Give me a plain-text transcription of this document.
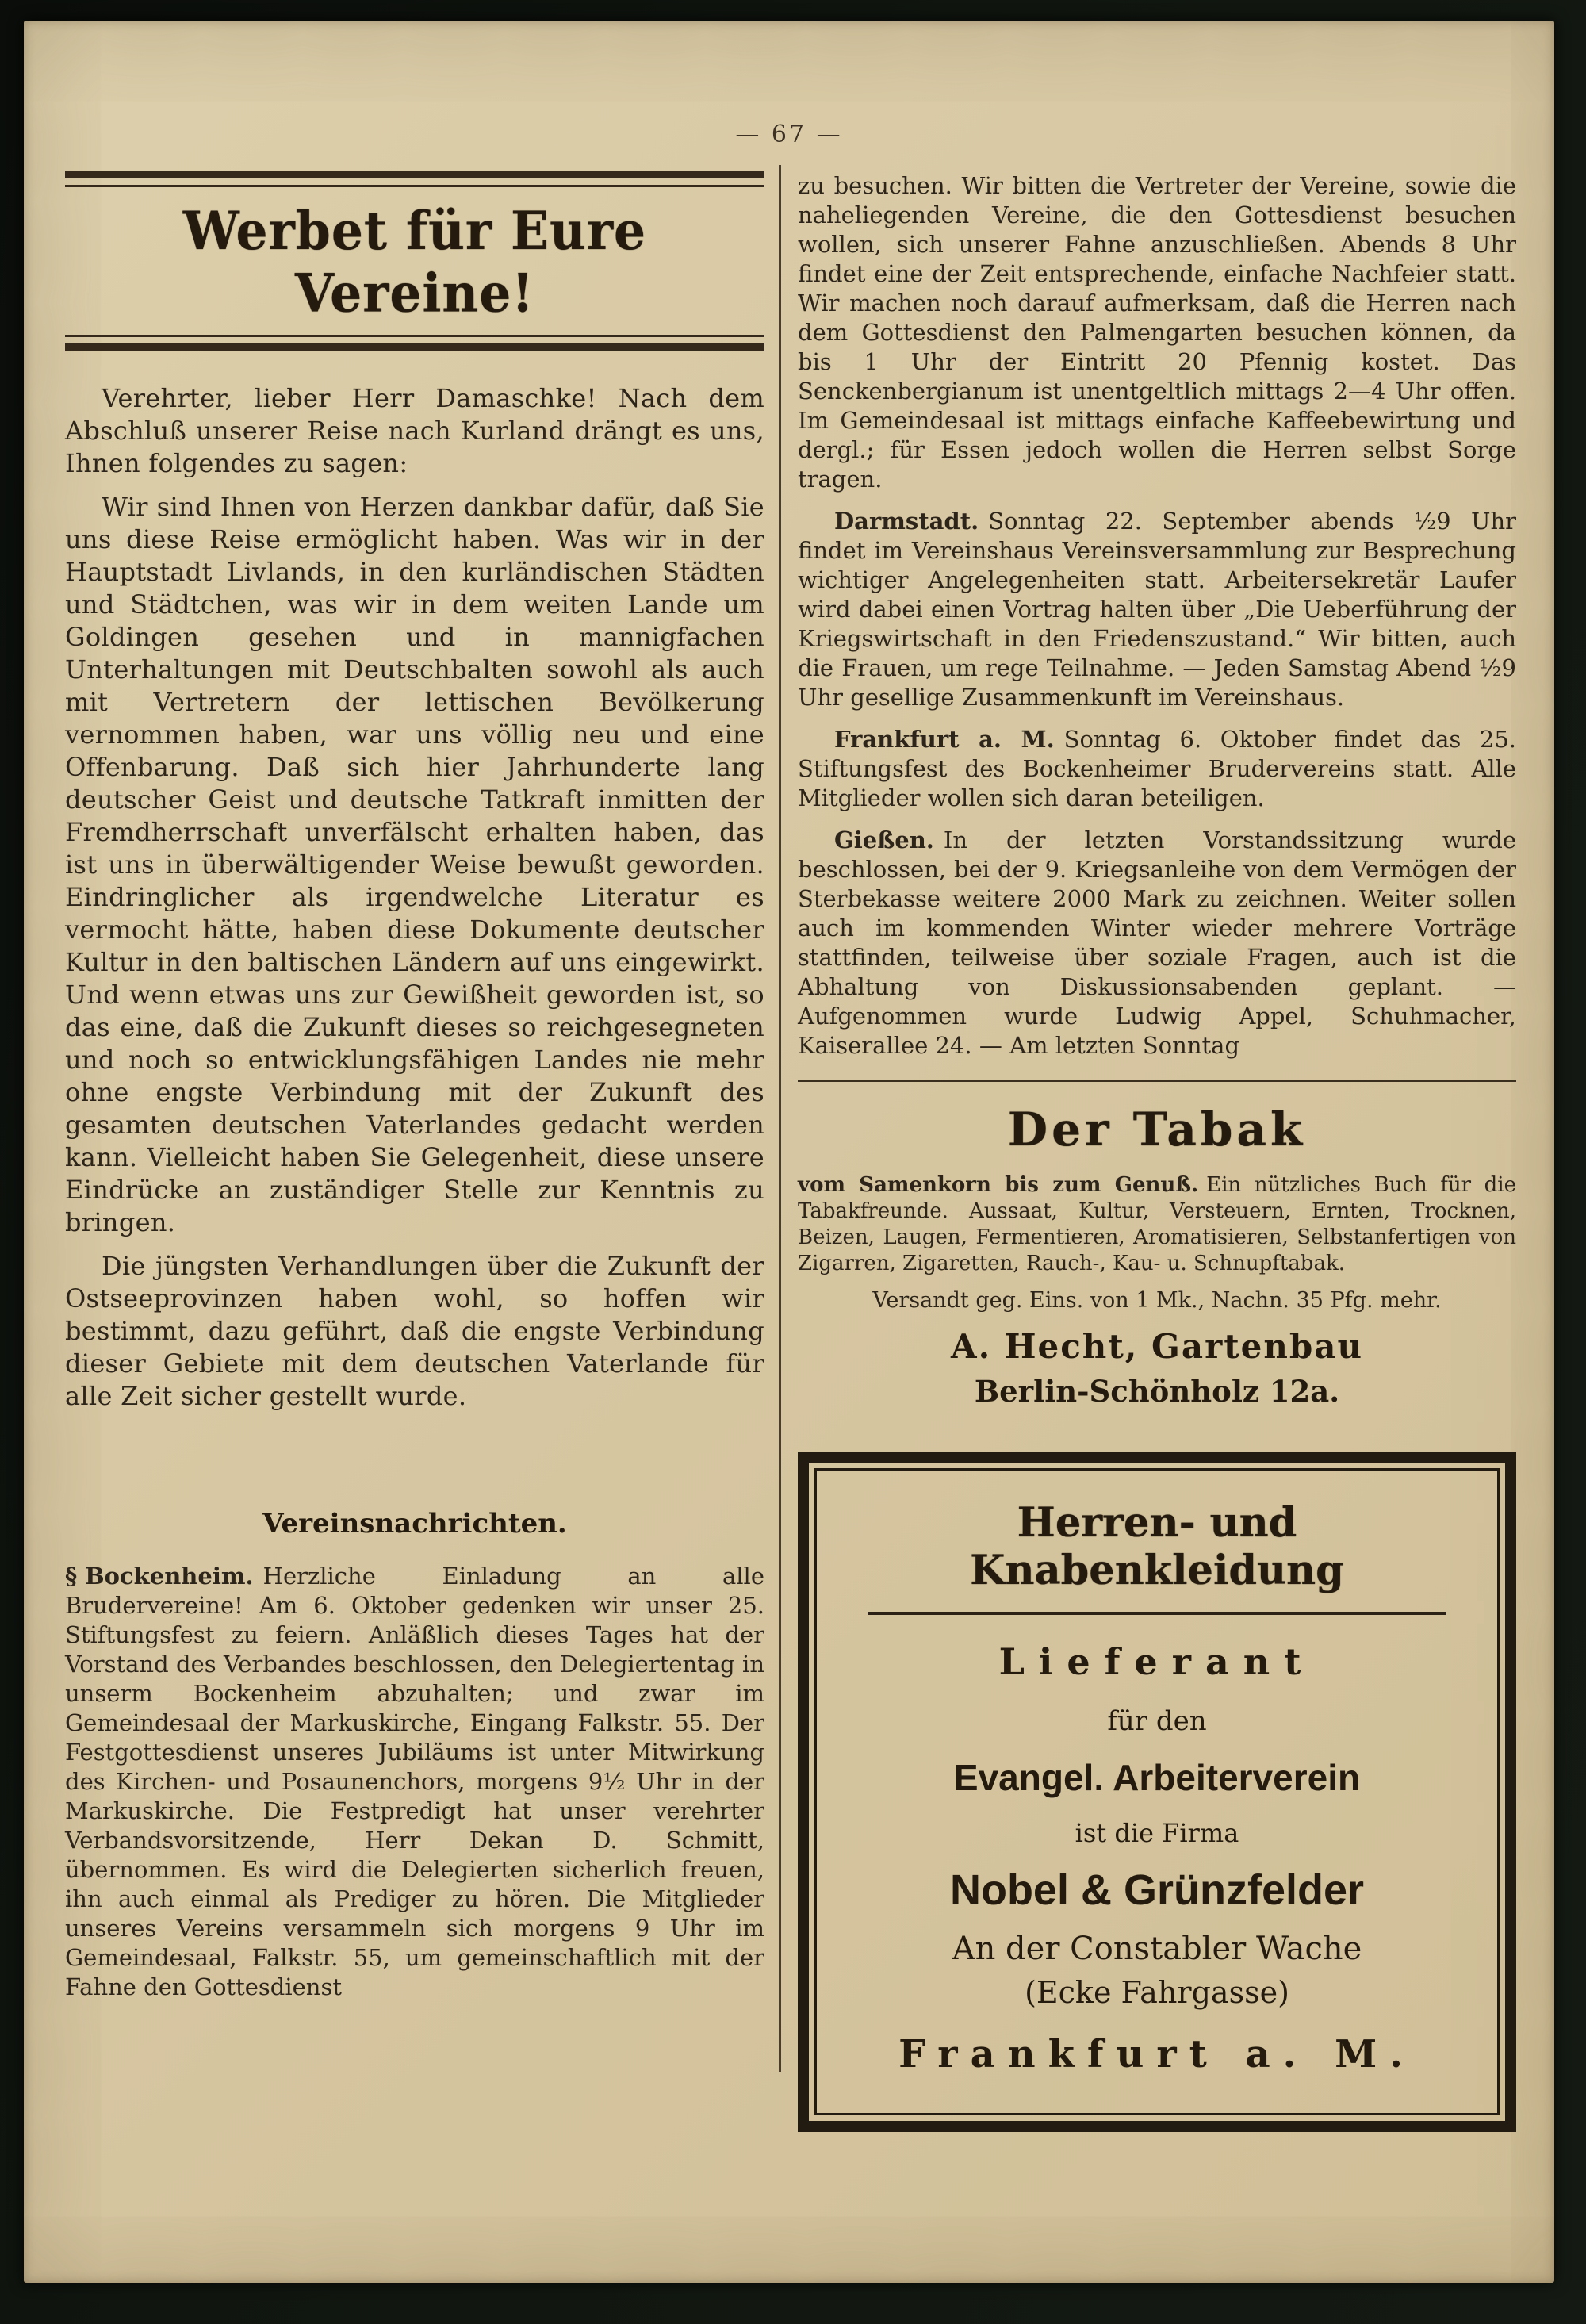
— 67 —
Werbet für Eure Vereine!

Verehrter, lieber Herr Damaschke! Nach dem Abschluß unserer Reise nach Kurland drängt es uns, Ihnen folgendes zu sagen:

Wir sind Ihnen von Herzen dankbar dafür, daß Sie uns diese Reise ermöglicht haben. Was wir in der Hauptstadt Livlands, in den kurländischen Städten und Städtchen, was wir in dem weiten Lande um Goldingen gesehen und in mannigfachen Unterhaltungen mit Deutschbalten sowohl als auch mit Vertretern der lettischen Bevölkerung vernommen haben, war uns völlig neu und eine Offenbarung. Daß sich hier Jahrhunderte lang deutscher Geist und deutsche Tatkraft inmitten der Fremdherrschaft unverfälscht erhalten haben, das ist uns in überwältigender Weise bewußt geworden. Eindringlicher als irgendwelche Literatur es vermocht hätte, haben diese Dokumente deutscher Kultur in den baltischen Ländern auf uns eingewirkt. Und wenn etwas uns zur Gewißheit geworden ist, so das eine, daß die Zukunft dieses so reichgesegneten und noch so entwicklungsfähigen Landes nie mehr ohne engste Verbindung mit der Zukunft des gesamten deutschen Vaterlandes gedacht werden kann. Vielleicht haben Sie Gelegenheit, diese unsere Eindrücke an zuständiger Stelle zur Kenntnis zu bringen.

Die jüngsten Verhandlungen über die Zukunft der Ostseeprovinzen haben wohl, so hoffen wir bestimmt, dazu geführt, daß die engste Verbindung dieser Gebiete mit dem deutschen Vaterlande für alle Zeit sicher gestellt wurde.

Vereinsnachrichten.

§ Bockenheim. Herzliche Einladung an alle Brudervereine! Am 6. Oktober gedenken wir unser 25. Stiftungsfest zu feiern. Anläßlich dieses Tages hat der Vorstand des Verbandes beschlossen, den Delegiertentag in unserm Bockenheim abzuhalten; und zwar im Gemeindesaal der Markuskirche, Eingang Falkstr. 55. Der Festgottesdienst unseres Jubiläums ist unter Mitwirkung des Kirchen- und Posaunenchors, morgens 9½ Uhr in der Markuskirche. Die Festpredigt hat unser verehrter Verbandsvorsitzende, Herr Dekan D. Schmitt, übernommen. Es wird die Delegierten sicherlich freuen, ihn auch einmal als Prediger zu hören. Die Mitglieder unseres Vereins versammeln sich morgens 9 Uhr im Gemeindesaal, Falkstr. 55, um gemeinschaftlich mit der Fahne den Gottesdienst

zu besuchen. Wir bitten die Vertreter der Vereine, sowie die naheliegenden Vereine, die den Gottesdienst besuchen wollen, sich unserer Fahne anzuschließen. Abends 8 Uhr findet eine der Zeit entsprechende, einfache Nachfeier statt. Wir machen noch darauf aufmerksam, daß die Herren nach dem Gottesdienst den Palmengarten besuchen können, da bis 1 Uhr der Eintritt 20 Pfennig kostet. Das Senckenbergianum ist unentgeltlich mittags 2—4 Uhr offen. Im Gemeindesaal ist mittags einfache Kaffeebewirtung und dergl.; für Essen jedoch wollen die Herren selbst Sorge tragen.

Darmstadt. Sonntag 22. September abends ½9 Uhr findet im Vereinshaus Vereinsversammlung zur Besprechung wichtiger Angelegenheiten statt. Arbeitersekretär Laufer wird dabei einen Vortrag halten über „Die Ueberführung der Kriegswirtschaft in den Friedenszustand.“ Wir bitten, auch die Frauen, um rege Teilnahme. — Jeden Samstag Abend ½9 Uhr gesellige Zusammenkunft im Vereinshaus.

Frankfurt a. M. Sonntag 6. Oktober findet das 25. Stiftungsfest des Bockenheimer Brudervereins statt. Alle Mitglieder wollen sich daran beteiligen.

Gießen. In der letzten Vorstandssitzung wurde beschlossen, bei der 9. Kriegsanleihe von dem Vermögen der Sterbekasse weitere 2000 Mark zu zeichnen. Weiter sollen auch im kommenden Winter wieder mehrere Vorträge stattfinden, teilweise über soziale Fragen, auch ist die Abhaltung von Diskussionsabenden geplant. — Aufgenommen wurde Ludwig Appel, Schuhmacher, Kaiserallee 24. — Am letzten Sonntag

Der Tabak

vom Samenkorn bis zum Genuß. Ein nützliches Buch für die Tabakfreunde. Aussaat, Kultur, Versteuern, Ernten, Trocknen, Beizen, Laugen, Fermentieren, Aromatisieren, Selbstanfertigen von Zigarren, Zigaretten, Rauch-, Kau- u. Schnupftabak.

Versandt geg. Eins. von 1 Mk., Nachn. 35 Pfg. mehr.

A. Hecht, Gartenbau
Berlin-Schönholz 12a.
Herren- und Knabenkleidung
Lieferant
für den
Evangel. Arbeiterverein
ist die Firma
Nobel & Grünzfelder
An der Constabler Wache
(Ecke Fahrgasse)
Frankfurt a. M.
